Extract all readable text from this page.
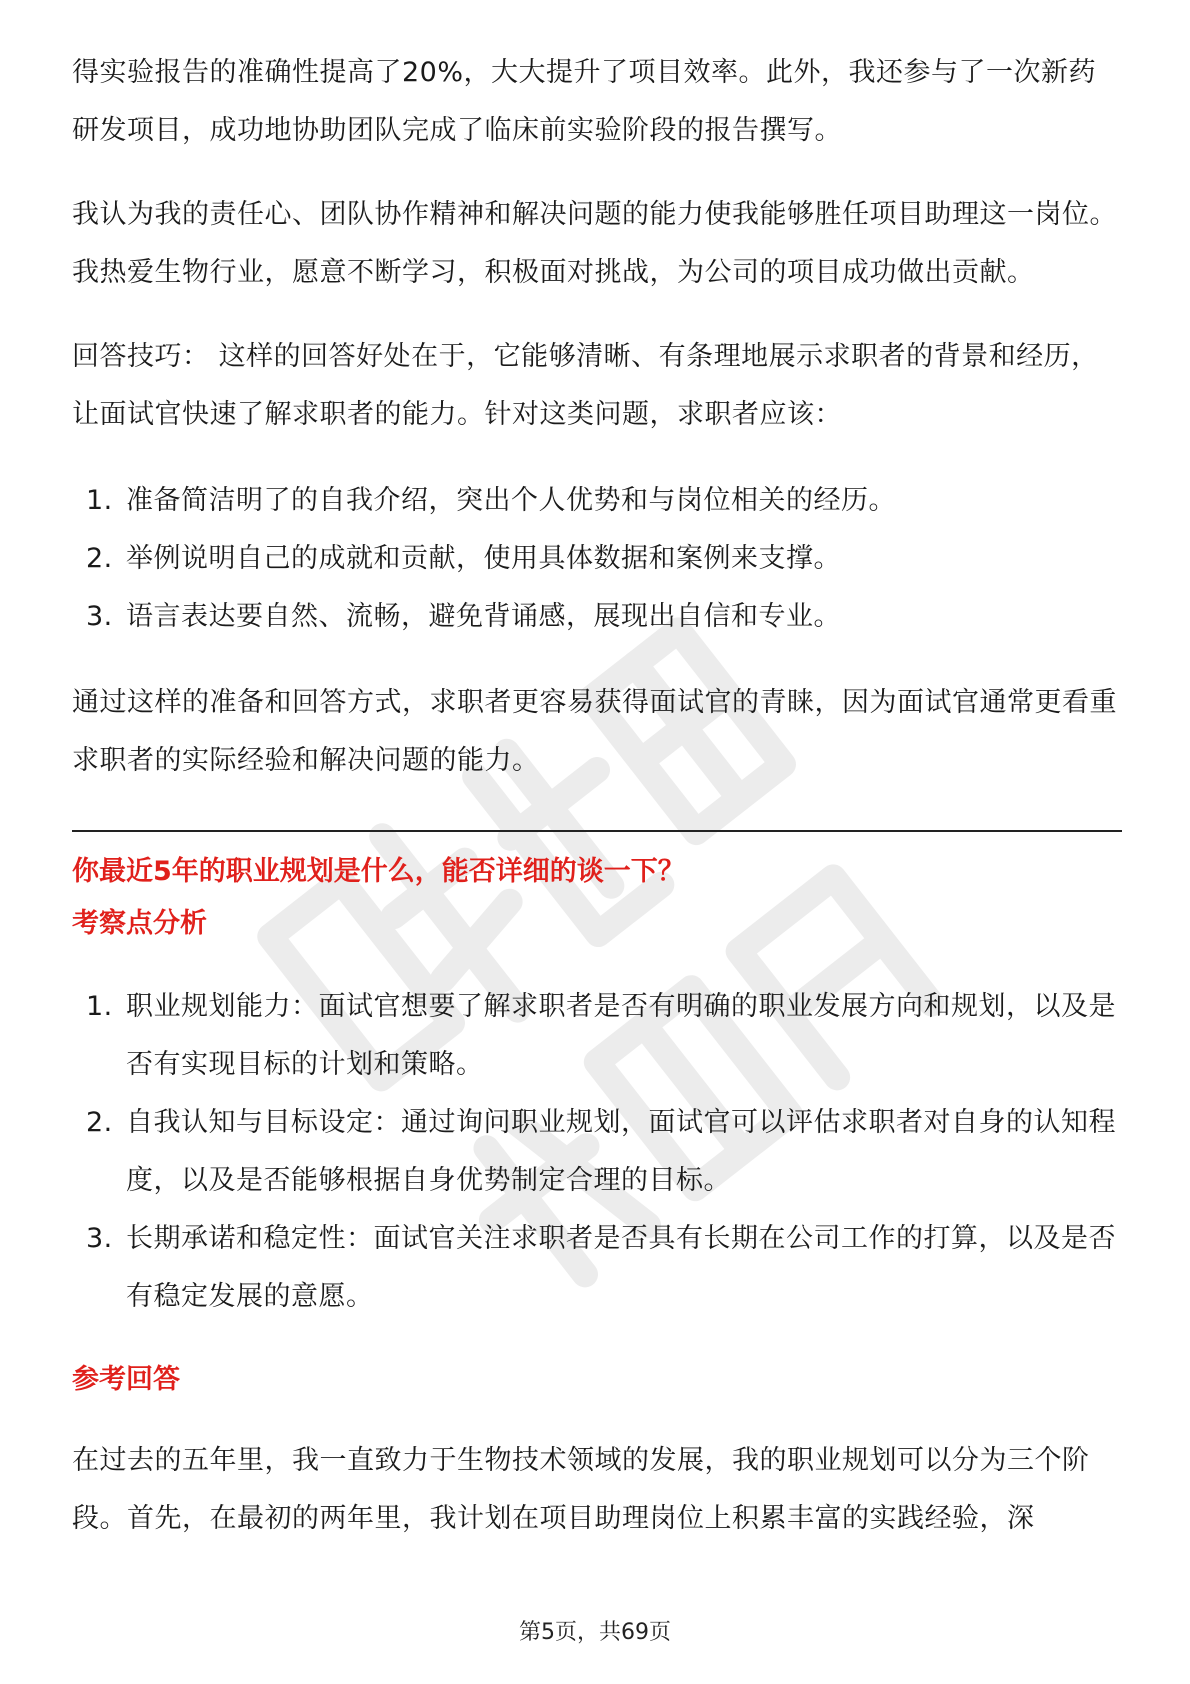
得实验报告的准确性提高了20%，大大提升了项目效率。此外，我还参与了一次新药研发项目，成功地协助团队完成了临床前实验阶段的报告撰写。

我认为我的责任心、团队协作精神和解决问题的能力使我能够胜任项目助理这一岗位。我热爱生物行业，愿意不断学习，积极面对挑战，为公司的项目成功做出贡献。

回答技巧： 这样的回答好处在于，它能够清晰、有条理地展示求职者的背景和经历，让面试官快速了解求职者的能力。针对这类问题，求职者应该：

1. 准备简洁明了的自我介绍，突出个人优势和与岗位相关的经历。
2. 举例说明自己的成就和贡献，使用具体数据和案例来支撑。
3. 语言表达要自然、流畅，避免背诵感，展现出自信和专业。

通过这样的准备和回答方式，求职者更容易获得面试官的青睐，因为面试官通常更看重求职者的实际经验和解决问题的能力。

你最近5年的职业规划是什么，能否详细的谈一下？
考察点分析
1. 职业规划能力：面试官想要了解求职者是否有明确的职业发展方向和规划，以及是否有实现目标的计划和策略。
2. 自我认知与目标设定：通过询问职业规划，面试官可以评估求职者对自身的认知程度，以及是否能够根据自身优势制定合理的目标。
3. 长期承诺和稳定性：面试官关注求职者是否具有长期在公司工作的打算，以及是否有稳定发展的意愿。
参考回答

在过去的五年里，我一直致力于生物技术领域的发展，我的职业规划可以分为三个阶段。首先，在最初的两年里，我计划在项目助理岗位上积累丰富的实践经验，深

第5页，共69页
